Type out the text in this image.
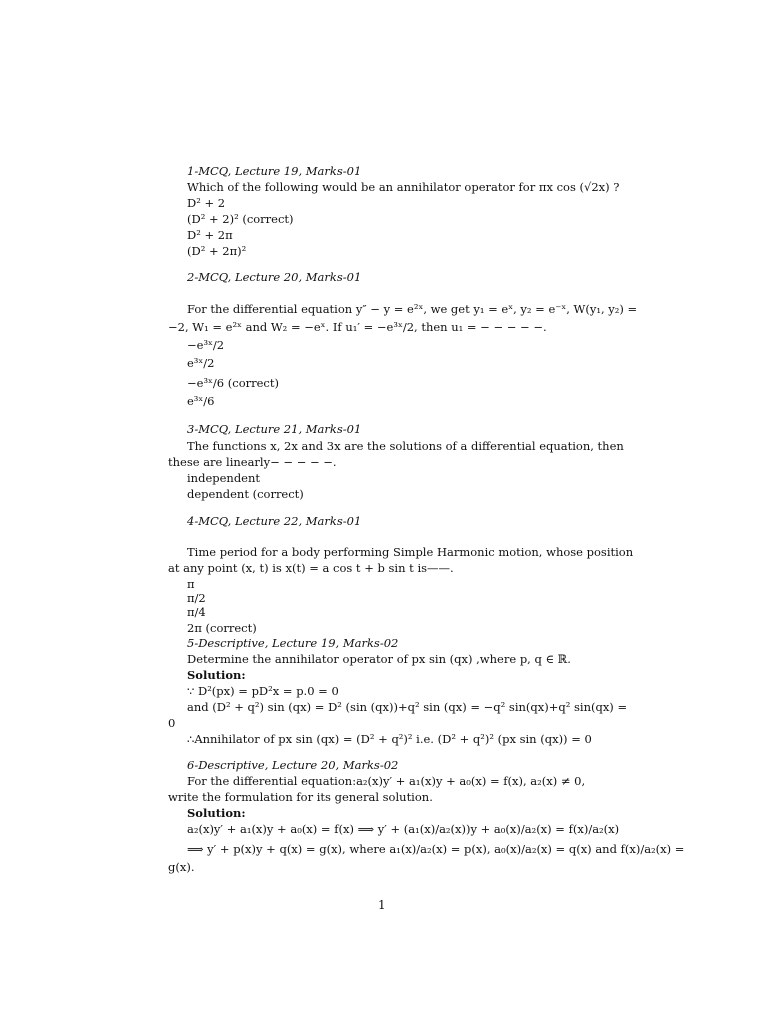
1-MCQ, Lecture 19, Marks-01
Which of the following would be an annihilator operator for πx cos (√2x) ?
D² + 2
(D² + 2)² (correct)
D² + 2π
(D² + 2π)²
2-MCQ, Lecture 20, Marks-01
For the differential equation y″ − y = e²ˣ, we get y₁ = eˣ, y₂ = e⁻ˣ, W(y₁, y₂) =
−2, W₁ = e²ˣ and W₂ = −eˣ. If u₁′ = −e³ˣ/2, then u₁ = − − − − −.
−e³ˣ/2
e³ˣ/2
−e³ˣ/6 (correct)
e³ˣ/6
3-MCQ, Lecture 21, Marks-01
The functions x, 2x and 3x are the solutions of a differential equation, then
these are linearly− − − − −.
independent
dependent (correct)
4-MCQ, Lecture 22, Marks-01
Time period for a body performing Simple Harmonic motion, whose position
at any point (x, t) is x(t) = a cos t + b sin t is——.
π
π/2
π/4
2π (correct)
5-Descriptive, Lecture 19, Marks-02
Determine the annihilator operator of px sin (qx) ,where p, q ∈ ℝ.
Solution:
∵ D²(px) = pD²x = p.0 = 0
and (D² + q²) sin (qx) = D² (sin (qx))+q² sin (qx) = −q² sin(qx)+q² sin(qx) =
0
∴Annihilator of px sin (qx) = (D² + q²)² i.e. (D² + q²)² (px sin (qx)) = 0
6-Descriptive, Lecture 20, Marks-02
For the differential equation:a₂(x)y′ + a₁(x)y + a₀(x) = f(x), a₂(x) ≠ 0,
write the formulation for its general solution.
Solution:
a₂(x)y′ + a₁(x)y + a₀(x) = f(x) ⟹ y′ + (a₁(x)/a₂(x))y + a₀(x)/a₂(x) = f(x)/a₂(x)
⟹ y′ + p(x)y + q(x) = g(x), where a₁(x)/a₂(x) = p(x), a₀(x)/a₂(x) = q(x) and f(x)/a₂(x) =
g(x).
1
